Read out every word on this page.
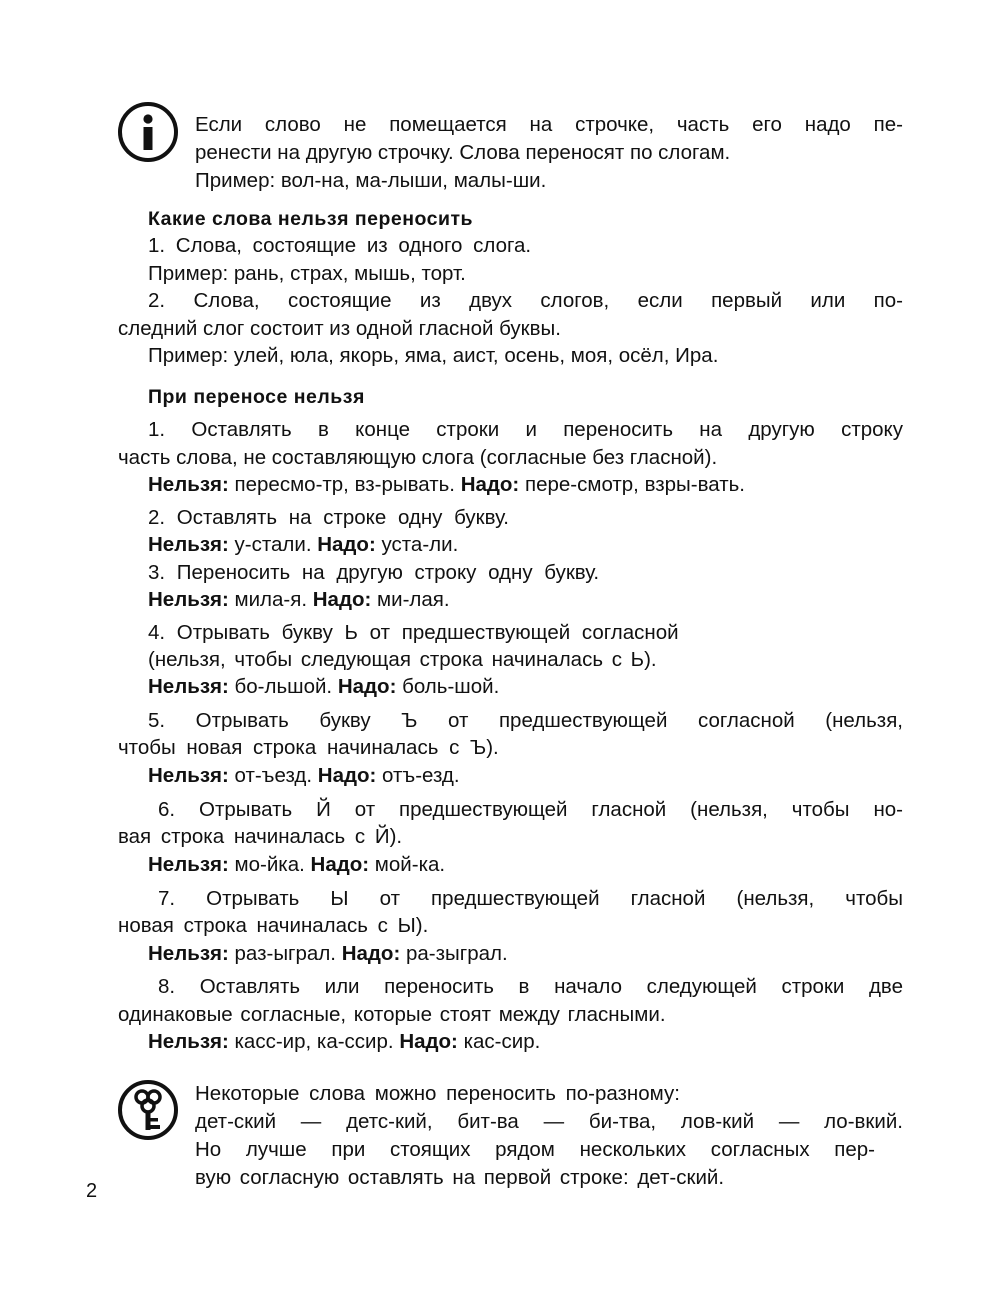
Если слово не помещается на строчке, часть его надо пе-

ренести на другую строчку. Слова переносят по слогам.

Пример: вол-на, ма-лыши, малы-ши.

Какие слова нельзя переносить

1. Слова, состоящие из одного слога.

Пример: рань, страх, мышь, торт.

2. Слова, состоящие из двух слогов, если первый или по-

следний слог состоит из одной гласной буквы.

Пример: улей, юла, якорь, яма, аист, осень, моя, осёл, Ира.

При переносе нельзя

1. Оставлять в конце строки и переносить на другую строку

часть слова, не составляющую слога (согласные без гласной).

Нельзя: пересмо-тр, вз-рывать. Надо: пере-смотр, взры-вать.

2. Оставлять на строке одну букву.

Нельзя: у-стали. Надо: уста-ли.

3. Переносить на другую строку одну букву.

Нельзя: мила-я. Надо: ми-лая.

4. Отрывать букву Ь от предшествующей согласной

(нельзя, чтобы следующая строка начиналась с Ь).

Нельзя: бо-льшой. Надо: боль-шой.

5. Отрывать букву Ъ от предшествующей согласной (нельзя,

чтобы новая строка начиналась с Ъ).

Нельзя: от-ъезд. Надо: отъ-езд.

6. Отрывать Й от предшествующей гласной (нельзя, чтобы но-

вая строка начиналась с Й).

Нельзя: мо-йка. Надо: мой-ка.

7. Отрывать Ы от предшествующей гласной (нельзя, чтобы

новая строка начиналась с Ы).

Нельзя: раз-ыграл. Надо: ра-зыграл.

8. Оставлять или переносить в начало следующей строки две

одинаковые согласные, которые стоят между гласными.

Нельзя: касс-ир, ка-ссир. Надо: кас-сир.

Некоторые слова можно переносить по-разному:

дет-ский — детс-кий, бит-ва — би-тва, лов-кий — ло-вкий.

Но лучше при стоящих рядом нескольких согласных пер-

вую согласную оставлять на первой строке: дет-ский.

2
